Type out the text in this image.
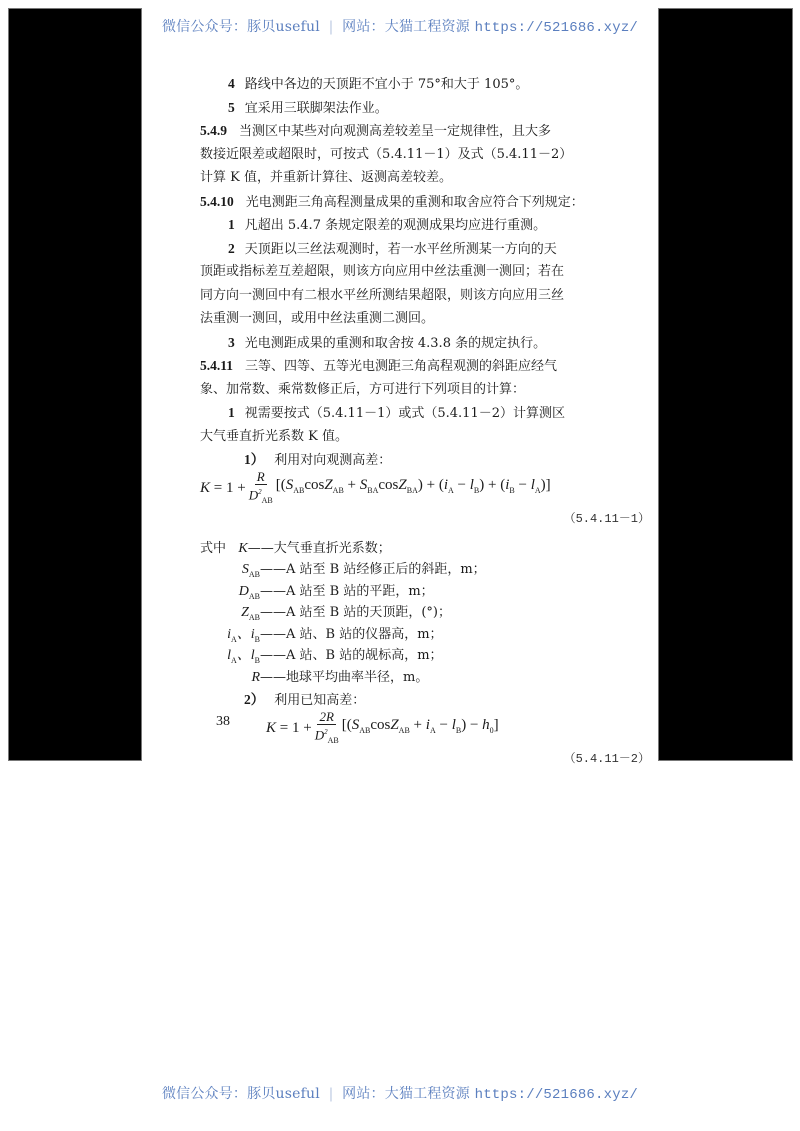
微信公众号：豚贝useful | 网站：大猫工程资源 https://521686.xyz/
4 路线中各边的天顶距不宜小于 75°和大于 105°。
5 宜采用三联脚架法作业。
5.4.9 当测区中某些对向观测高差较差呈一定规律性，且大多
数接近限差或超限时，可按式（5.4.11－1）及式（5.4.11－2）
计算 K 值，并重新计算往、返测高差较差。
5.4.10 光电测距三角高程测量成果的重测和取舍应符合下列规定：
1 凡超出 5.4.7 条规定限差的观测成果均应进行重测。
2 天顶距以三丝法观测时，若一水平丝所测某一方向的天
顶距或指标差互差超限，则该方向应用中丝法重测一测回；若在
同方向一测回中有二根水平丝所测结果超限，则该方向应用三丝
法重测一测回，或用中丝法重测二测回。
3 光电测距成果的重测和取舍按 4.3.8 条的规定执行。
5.4.11 三等、四等、五等光电测距三角高程观测的斜距应经气
象、加常数、乘常数修正后，方可进行下列项目的计算：
1 视需要按式（5.4.11－1）或式（5.4.11－2）计算测区
大气垂直折光系数 K 值。
1） 利用对向观测高差：
$K = 1 + \frac{R}{D^2_{AB}} [(S_{AB}\cos Z_{AB} + S_{BA}\cos Z_{BA}) + (i_A - l_B) + (i_B - l_A)]$
（5.4.11－1）
式中 K——大气垂直折光系数；
$S_{AB}——A$ 站至 B 站经修正后的斜距，m；
$D_{AB}——A$ 站至 B 站的平距，m；
$Z_{AB}——A$ 站至 B 站的天顶距，(°)；
$i_A$、$i_B——A$ 站、B 站的仪器高，m；
$l_A$、$l_B——A$ 站、B 站的觇标高，m；
R——地球平均曲率半径，m。
2） 利用已知高差：
$K = 1 + \frac{2R}{D^2_{AB}} [(S_{AB}\cos Z_{AB} + i_A - l_B) - h_0]$
（5.4.11－2）
38
微信公众号：豚贝useful | 网站：大猫工程资源 https://521686.xyz/
